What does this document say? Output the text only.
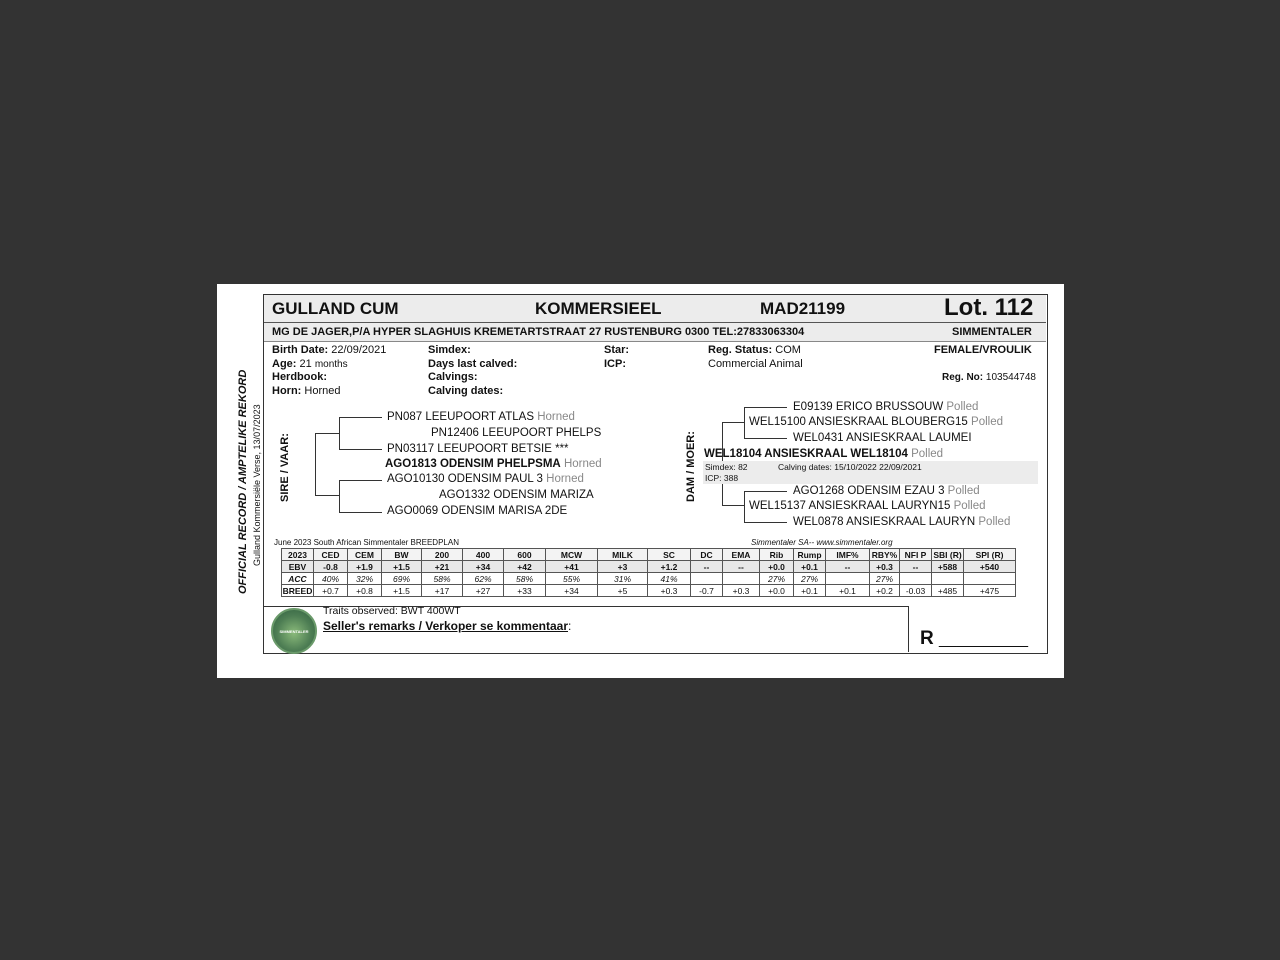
OFFICIAL RECORD / AMPTELIKE REKORD Gulland Kommersiële Verse, 13/07/2023
GULLAND CUM	KOMMERSIEEL	MAD21199	Lot. 112
MG DE JAGER,P/A HYPER SLAGHUIS KREMETARTSTRAAT 27 RUSTENBURG 0300 TEL:27833063304	SIMMENTALER
Birth Date: 22/09/2021
Age: 21 months
Herdbook:
Horn: Horned
Simdex:
Days last calved:
Calvings:
Calving dates:
Star:
ICP:
Reg. Status: COM
Commercial Animal
FEMALE/VROULIK
Reg. No: 103544748
SIRE / VAAR:
PN087 LEEUPOORT ATLAS Horned
PN12406 LEEUPOORT PHELPS
PN03117 LEEUPOORT BETSIE ***
AGO1813 ODENSIM PHELPSMA Horned
AGO10130 ODENSIM PAUL 3 Horned
AGO1332 ODENSIM MARIZA
AGO0069 ODENSIM MARISA 2DE
DAM / MOER:
E09139 ERICO BRUSSOUW Polled
WEL15100 ANSIESKRAAL BLOUBERG15 Polled
WEL0431 ANSIESKRAAL LAUMEI
WEL18104 ANSIESKRAAL WEL18104 Polled
Simdex: 82	Calving dates: 15/10/2022 22/09/2021
ICP: 388
AGO1268 ODENSIM EZAU 3 Polled
WEL15137 ANSIESKRAAL LAURYN15 Polled
WEL0878 ANSIESKRAAL LAURYN Polled
June 2023 South African Simmentaler BREEDPLAN	Simmentaler SA-- www.simmentaler.org
2023	CED	CEM	BW	200	400	600	MCW	MILK	SC	DC	EMA	Rib	Rump	IMF%	RBY%	NFI P	SBI (R)	SPI (R)
EBV	-0.8	+1.9	+1.5	+21	+34	+42	+41	+3	+1.2	--	--	+0.0	+0.1	--	+0.3	--	+588	+540
ACC	40%	32%	69%	58%	62%	58%	55%	31%	41%			27%	27%		27%			
BREED	+0.7	+0.8	+1.5	+17	+27	+33	+34	+5	+0.3	-0.7	+0.3	+0.0	+0.1	+0.1	+0.2	-0.03	+485	+475
SIMMENTALER
Traits observed: BWT 400WT
Seller's remarks / Verkoper se kommentaar:
R __________
